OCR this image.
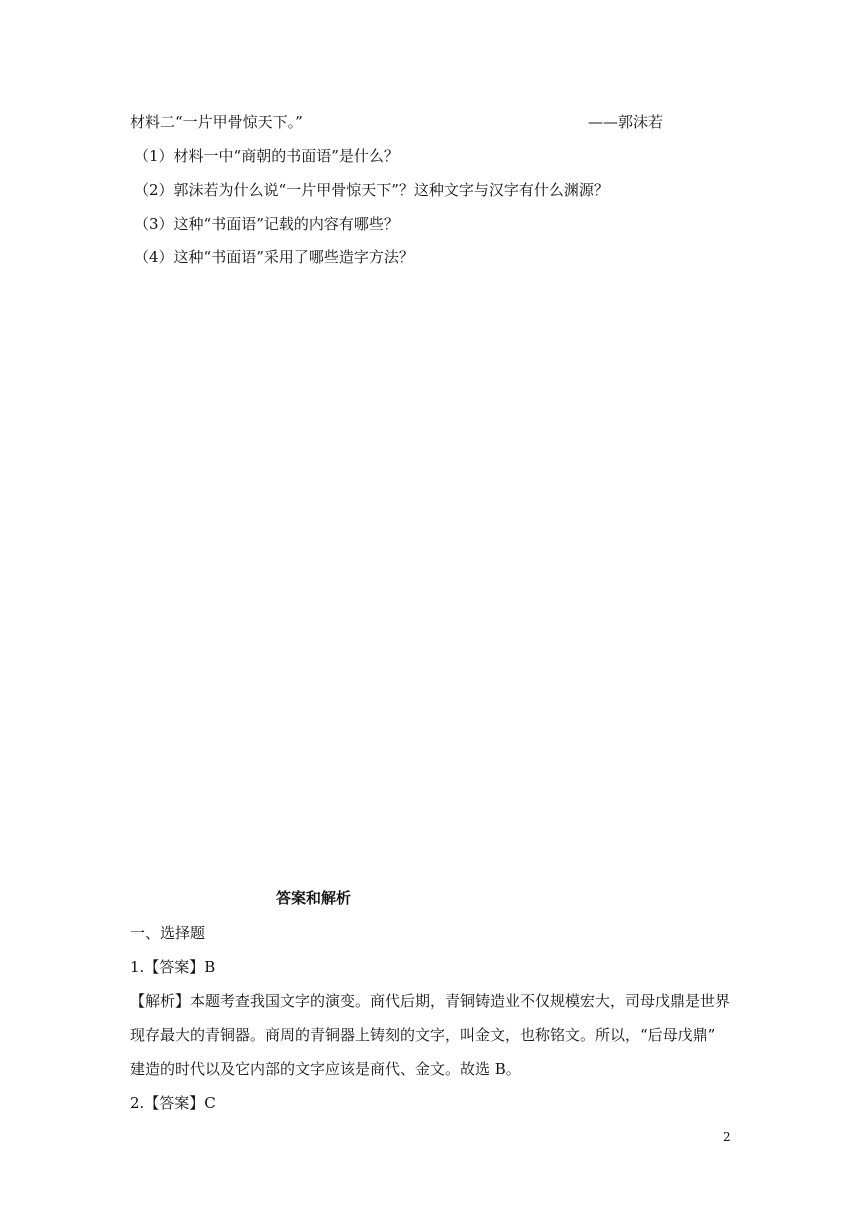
材料二“一片甲骨惊天下。”	——郭沫若
（1）材料一中“商朝的书面语”是什么？
（2）郭沫若为什么说“一片甲骨惊天下”？这种文字与汉字有什么渊源？
（3）这种“书面语”记载的内容有哪些？
（4）这种“书面语”采用了哪些造字方法？
答案和解析
一、选择题
1.【答案】B
【解析】本题考查我国文字的演变。商代后期，青铜铸造业不仅规模宏大，司母戊鼎是世界
现存最大的青铜器。商周的青铜器上铸刻的文字，叫金文，也称铭文。所以，“后母戊鼎”
建造的时代以及它内部的文字应该是商代、金文。故选 B。
2.【答案】C
2
